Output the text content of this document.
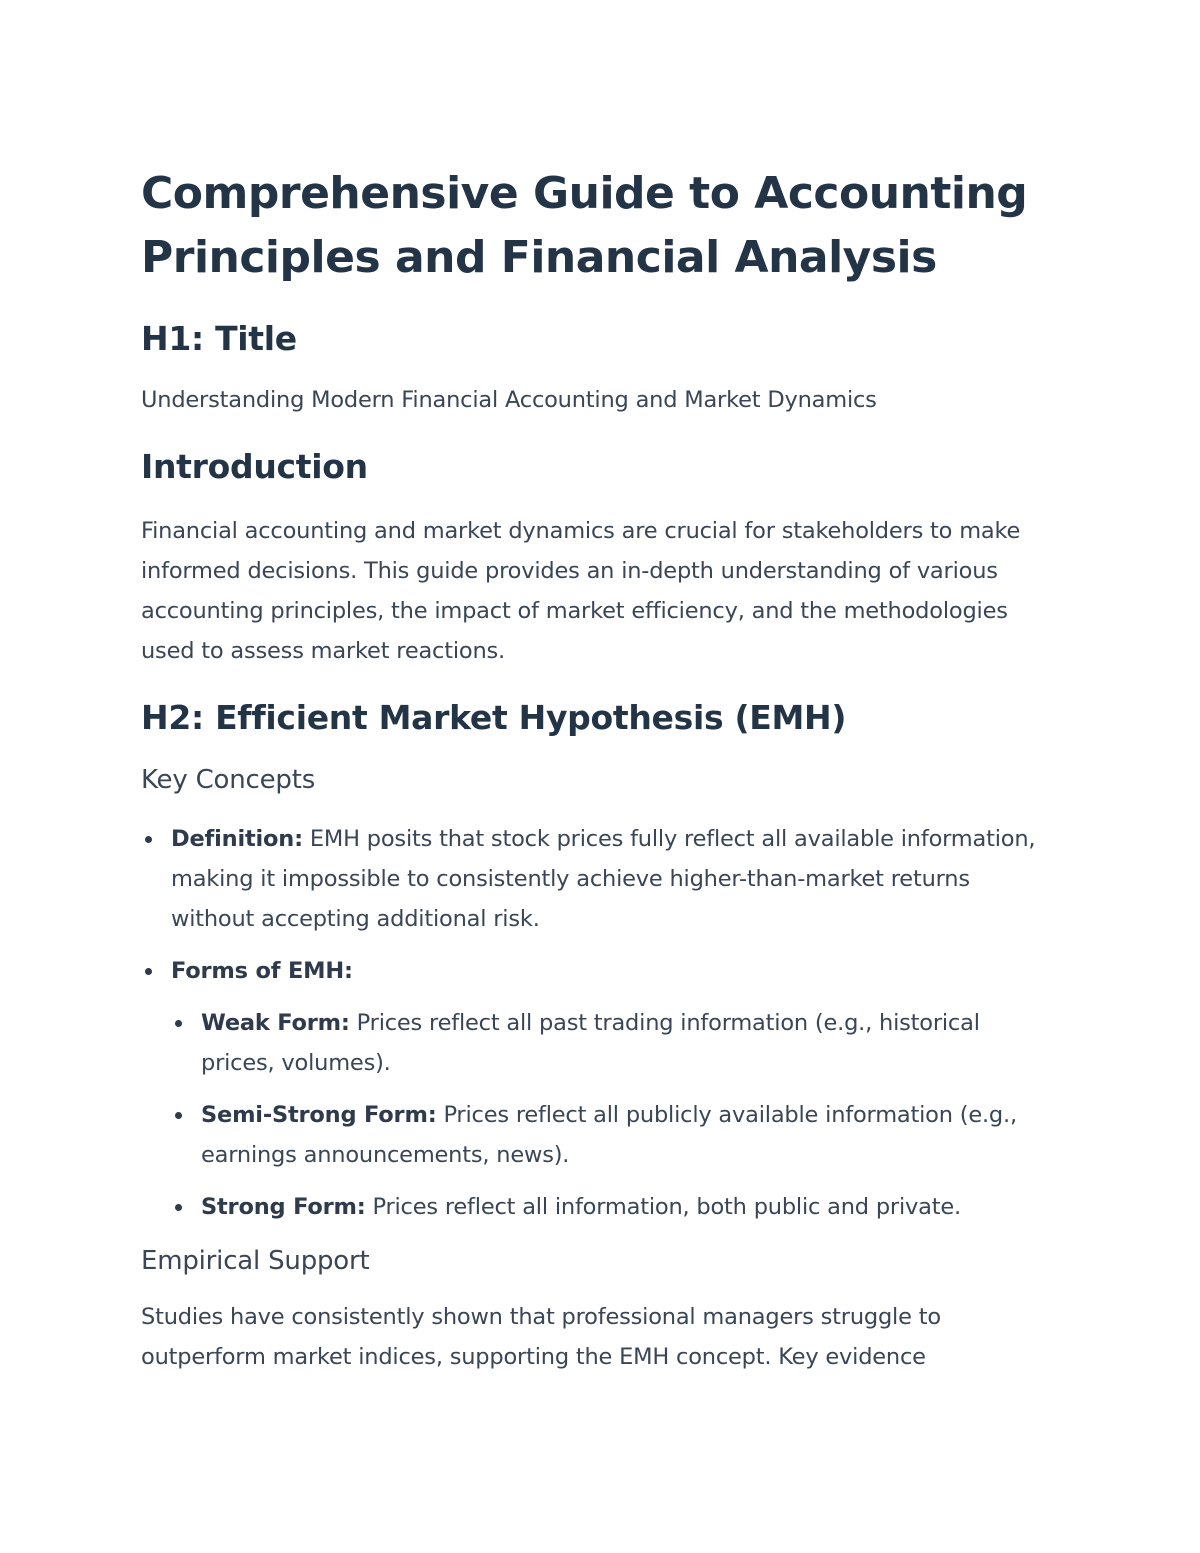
Comprehensive Guide to Accounting Principles and Financial Analysis
H1: Title

Understanding Modern Financial Accounting and Market Dynamics

Introduction

Financial accounting and market dynamics are crucial for stakeholders to make informed decisions. This guide provides an in-depth understanding of various accounting principles, the impact of market efficiency, and the methodologies used to assess market reactions.

H2: Efficient Market Hypothesis (EMH)
Key Concepts
Definition: EMH posits that stock prices fully reflect all available information, making it impossible to consistently achieve higher-than-market returns without accepting additional risk.
Forms of EMH:
Weak Form: Prices reflect all past trading information (e.g., historical prices, volumes).
Semi-Strong Form: Prices reflect all publicly available information (e.g., earnings announcements, news).
Strong Form: Prices reflect all information, both public and private.
Empirical Support

Studies have consistently shown that professional managers struggle to outperform market indices, supporting the EMH concept. Key evidence
